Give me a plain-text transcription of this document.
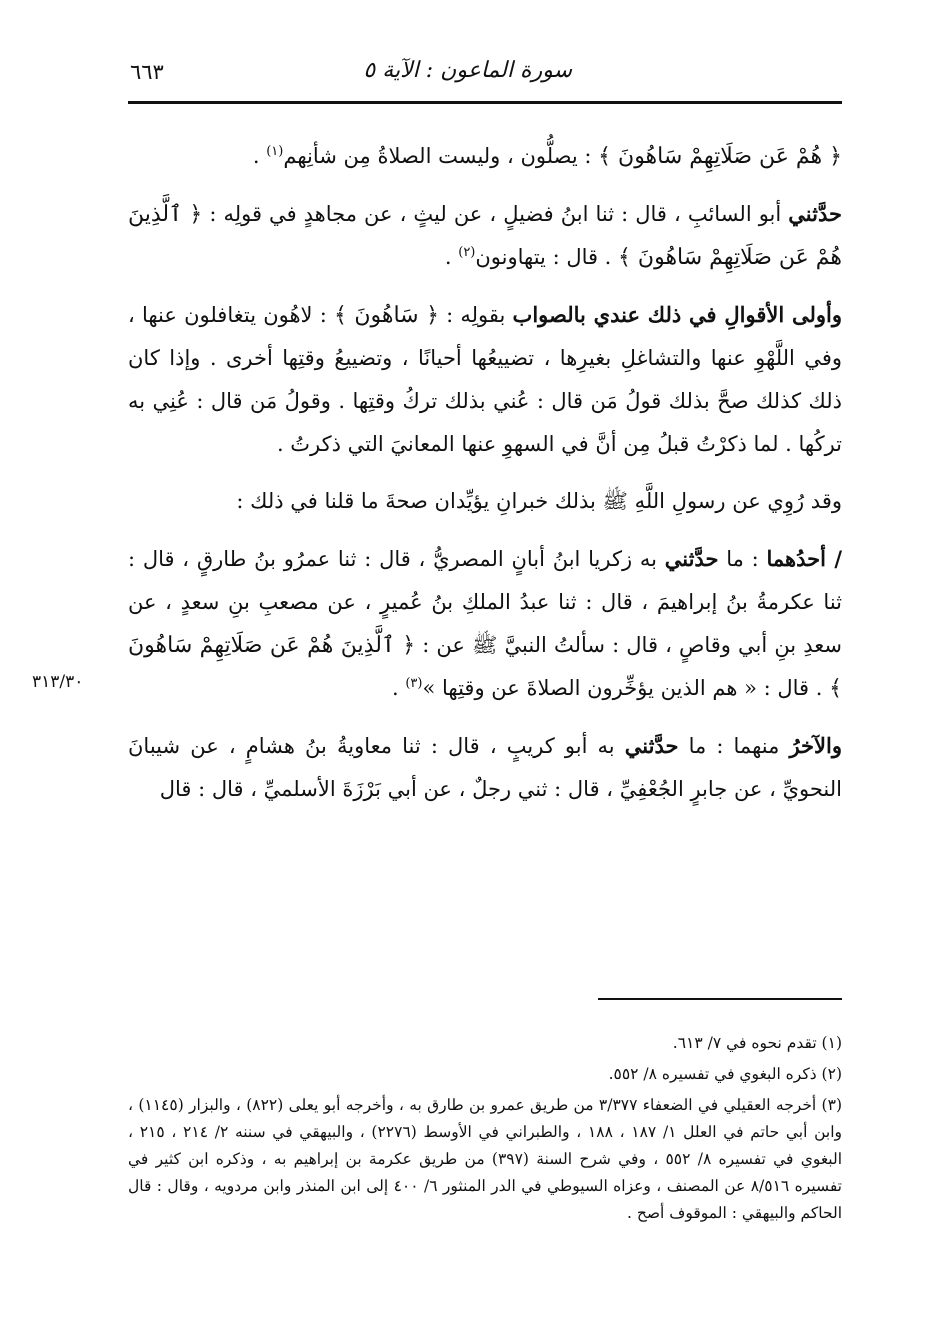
سورة الماعون : الآية ٥
٦٦٣

﴿ هُمْ عَن صَلَاتِهِمْ سَاهُونَ ﴾ : يصلُّون ، وليست الصلاةُ مِن شأنِهم$^{(١)}$ .

حدَّثني أبو السائبِ ، قال : ثنا ابنُ فضيلٍ ، عن ليثٍ ، عن مجاهدٍ في قولِه : ﴿ ٱلَّذِينَ هُمْ عَن صَلَاتِهِمْ سَاهُونَ ﴾ . قال : يتهاونون$^{(٢)}$ .

وأولى الأقوالِ في ذلك عندي بالصواب بقولِه : ﴿ سَاهُونَ ﴾ : لاهُون يتغافلون عنها ، وفي اللَّهْوِ عنها والتشاغلِ بغيرِها ، تضييعُها أحيانًا ، وتضييعُ وقتِها أخرى . وإذا كان ذلك كذلك صحَّ بذلك قولُ مَن قال : عُني بذلك تركُ وقتِها . وقولُ مَن قال : عُنِي به تركُها . لما ذكرْتُ قبلُ مِن أنَّ في السهوِ عنها المعانيَ التي ذكرتُ .

وقد رُوِي عن رسولِ اللَّهِ ﷺ بذلك خبرانِ يؤيِّدان صحةَ ما قلنا في ذلك :

/ أحدُهما : ما حدَّثني به زكريا ابنُ أبانٍ المصريُّ ، قال : ثنا عمرُو بنُ طارقٍ ، قال : ثنا عكرمةُ بنُ إبراهيمَ ، قال : ثنا عبدُ الملكِ بنُ عُميرٍ ، عن مصعبِ بنِ سعدٍ ، عن سعدِ بنِ أبي وقاصٍ ، قال : سألتُ النبيَّ ﷺ عن : ﴿ ٱلَّذِينَ هُمْ عَن صَلَاتِهِمْ سَاهُونَ ﴾ . قال : « هم الذين يؤخِّرون الصلاةَ عن وقتِها »$^{(٣)}$ .

والآخرُ منهما : ما حدَّثني به أبو كريبٍ ، قال : ثنا معاويةُ بنُ هشامٍ ، عن شيبانَ النحويِّ ، عن جابرٍ الجُعْفِيِّ ، قال : ثني رجلٌ ، عن أبي بَرْزَةَ الأسلميِّ ، قال : قال

٣١٣/٣٠

(١) تقدم نحوه في ٧/ ٦١٣.

(٢) ذكره البغوي في تفسيره ٨/ ٥٥٢.

(٣) أخرجه العقيلي في الضعفاء ٣/٣٧٧ من طريق عمرو بن طارق به ، وأخرجه أبو يعلى (٨٢٢) ، والبزار (١١٤٥) ، وابن أبي حاتم في العلل ١/ ١٨٧ ، ١٨٨ ، والطبراني في الأوسط (٢٢٧٦) ، والبيهقي في سننه ٢/ ٢١٤ ، ٢١٥ ، البغوي في تفسيره ٨/ ٥٥٢ ، وفي شرح السنة (٣٩٧) من طريق عكرمة بن إبراهيم به ، وذكره ابن كثير في تفسيره ٨/٥١٦ عن المصنف ، وعزاه السيوطي في الدر المنثور ٦/ ٤٠٠ إلى ابن المنذر وابن مردويه ، وقال : قال الحاكم والبيهقي : الموقوف أصح .
